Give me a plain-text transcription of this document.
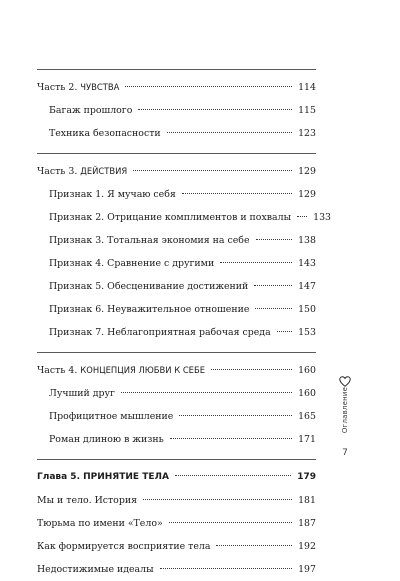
Часть 2. ЧУВСТВА	114
Багаж прошлого	115
Техника безопасности	123
Часть 3. ДЕЙСТВИЯ	129
Признак 1. Я мучаю себя	129
Признак 2. Отрицание комплиментов и похвалы 133
Признак 3. Тотальная экономия на себе	138
Признак 4. Сравнение с другими	143
Признак 5. Обесценивание достижений	147
Признак 6. Неуважительное отношение	150
Признак 7. Неблагоприятная рабочая среда	153
Часть 4. КОНЦЕПЦИЯ ЛЮБВИ К СЕБЕ	160
Лучший друг	160
Профицитное мышление	165
Роман длиною в жизнь	171
Глава 5. ПРИНЯТИЕ ТЕЛА	179
Мы и тело. История	181
Тюрьма по имени «Тело»	187
Как формируется восприятие тела	192
Недостижимые идеалы	197
Оглавление
7
